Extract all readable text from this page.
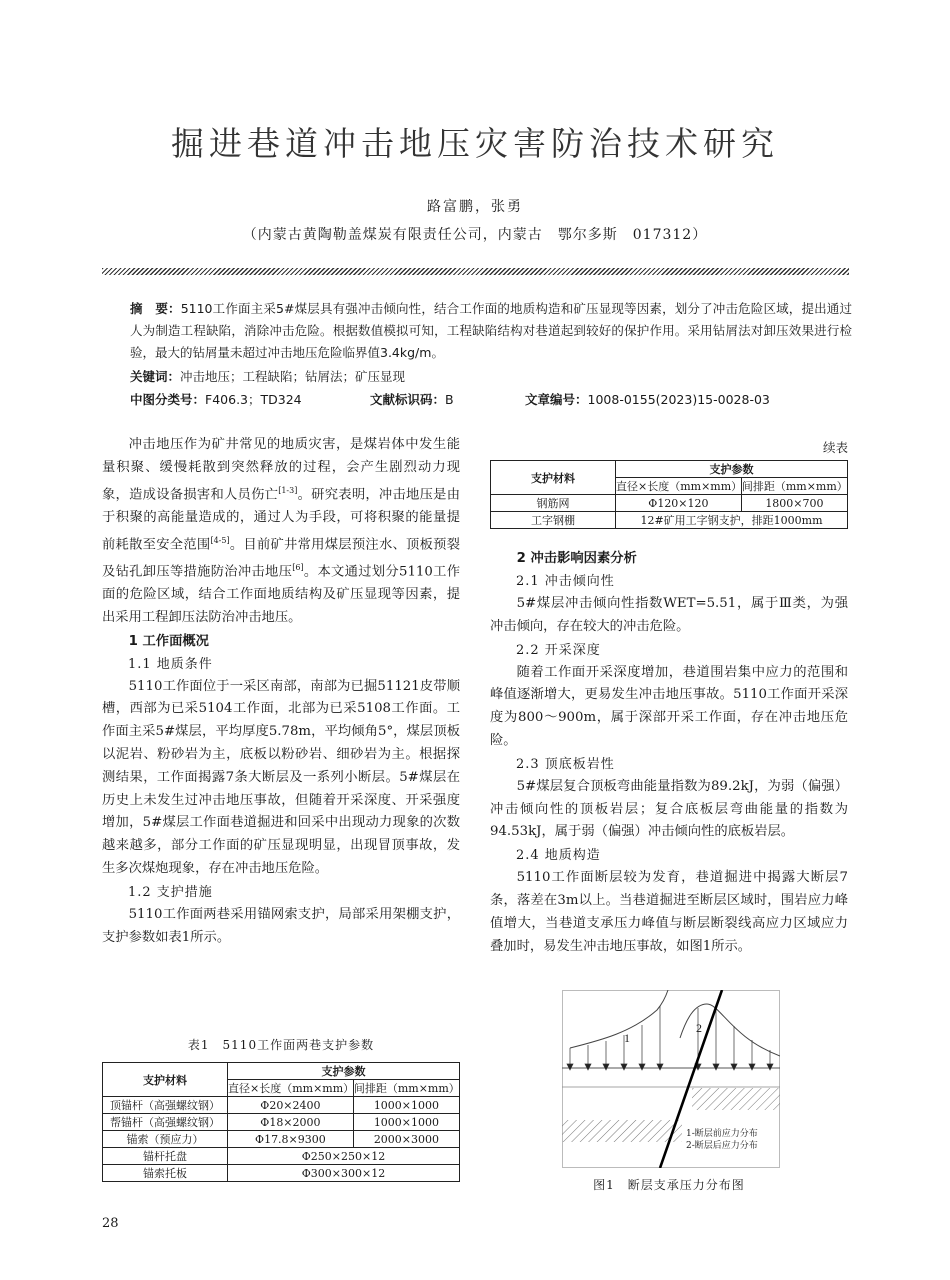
掘进巷道冲击地压灾害防治技术研究
路富鹏，张勇
（内蒙古黄陶勒盖煤炭有限责任公司，内蒙古　鄂尔多斯　017312）
摘　要：5110工作面主采5#煤层具有强冲击倾向性，结合工作面的地质构造和矿压显现等因素，划分了冲击危险区域，提出通过人为制造工程缺陷，消除冲击危险。根据数值模拟可知，工程缺陷结构对巷道起到较好的保护作用。采用钻屑法对卸压效果进行检验，最大的钻屑量未超过冲击地压危险临界值3.4kg/m。
关键词：冲击地压；工程缺陷；钻屑法；矿压显现
中图分类号：F406.3；TD324	文献标识码：B	文章编号：1008-0155(2023)15-0028-03

冲击地压作为矿井常见的地质灾害，是煤岩体中发生能量积聚、缓慢耗散到突然释放的过程，会产生剧烈动力现象，造成设备损害和人员伤亡[1-3]。研究表明，冲击地压是由于积聚的高能量造成的，通过人为手段，可将积聚的能量提前耗散至安全范围[4-5]。目前矿井常用煤层预注水、顶板预裂及钻孔卸压等措施防治冲击地压[6]。本文通过划分5110工作面的危险区域，结合工作面地质结构及矿压显现等因素，提出采用工程卸压法防治冲击地压。

1 工作面概况

1.1 地质条件

5110工作面位于一采区南部，南部为已掘51121皮带顺槽，西部为已采5104工作面，北部为已采5108工作面。工作面主采5#煤层，平均厚度5.78m，平均倾角5°，煤层顶板以泥岩、粉砂岩为主，底板以粉砂岩、细砂岩为主。根据探测结果，工作面揭露7条大断层及一系列小断层。5#煤层在历史上未发生过冲击地压事故，但随着开采深度、开采强度增加，5#煤层工作面巷道掘进和回采中出现动力现象的次数越来越多，部分工作面的矿压显现明显，出现冒顶事故，发生多次煤炮现象，存在冲击地压危险。

1.2 支护措施

5110工作面两巷采用锚网索支护，局部采用架棚支护，支护参数如表1所示。

表1　5110工作面两巷支护参数
支护材料	支护参数	
	直径×长度（mm×mm）	间排距（mm×mm）
顶锚杆（高强螺纹钢）	Φ20×2400	1000×1000
帮锚杆（高强螺纹钢）	Φ18×2000	1000×1000
锚索（预应力）	Φ17.8×9300	2000×3000
锚杆托盘	Φ250×250×12	
锚索托板	Φ300×300×12	
续表
支护材料	支护参数	
	直径×长度（mm×mm）	间排距（mm×mm）
钢筋网	Φ120×120	1800×700
工字钢棚	12#矿用工字钢支护，排距1000mm	

2 冲击影响因素分析

2.1 冲击倾向性

5#煤层冲击倾向性指数WET=5.51，属于Ⅲ类，为强冲击倾向，存在较大的冲击危险。

2.2 开采深度

随着工作面开采深度增加，巷道围岩集中应力的范围和峰值逐渐增大，更易发生冲击地压事故。5110工作面开采深度为800～900m，属于深部开采工作面，存在冲击地压危险。

2.3 顶底板岩性

5#煤层复合顶板弯曲能量指数为89.2kJ，为弱（偏强）冲击倾向性的顶板岩层；复合底板层弯曲能量的指数为94.53kJ，属于弱（偏强）冲击倾向性的底板岩层。

2.4 地质构造

5110工作面断层较为发育，巷道掘进中揭露大断层7条，落差在3m以上。当巷道掘进至断层区域时，围岩应力峰值增大，当巷道支承压力峰值与断层断裂线高应力区域应力叠加时，易发生冲击地压事故，如图1所示。

1
2
1-断层前应力分布
2-断层后应力分布
图1　断层支承压力分布图
28
